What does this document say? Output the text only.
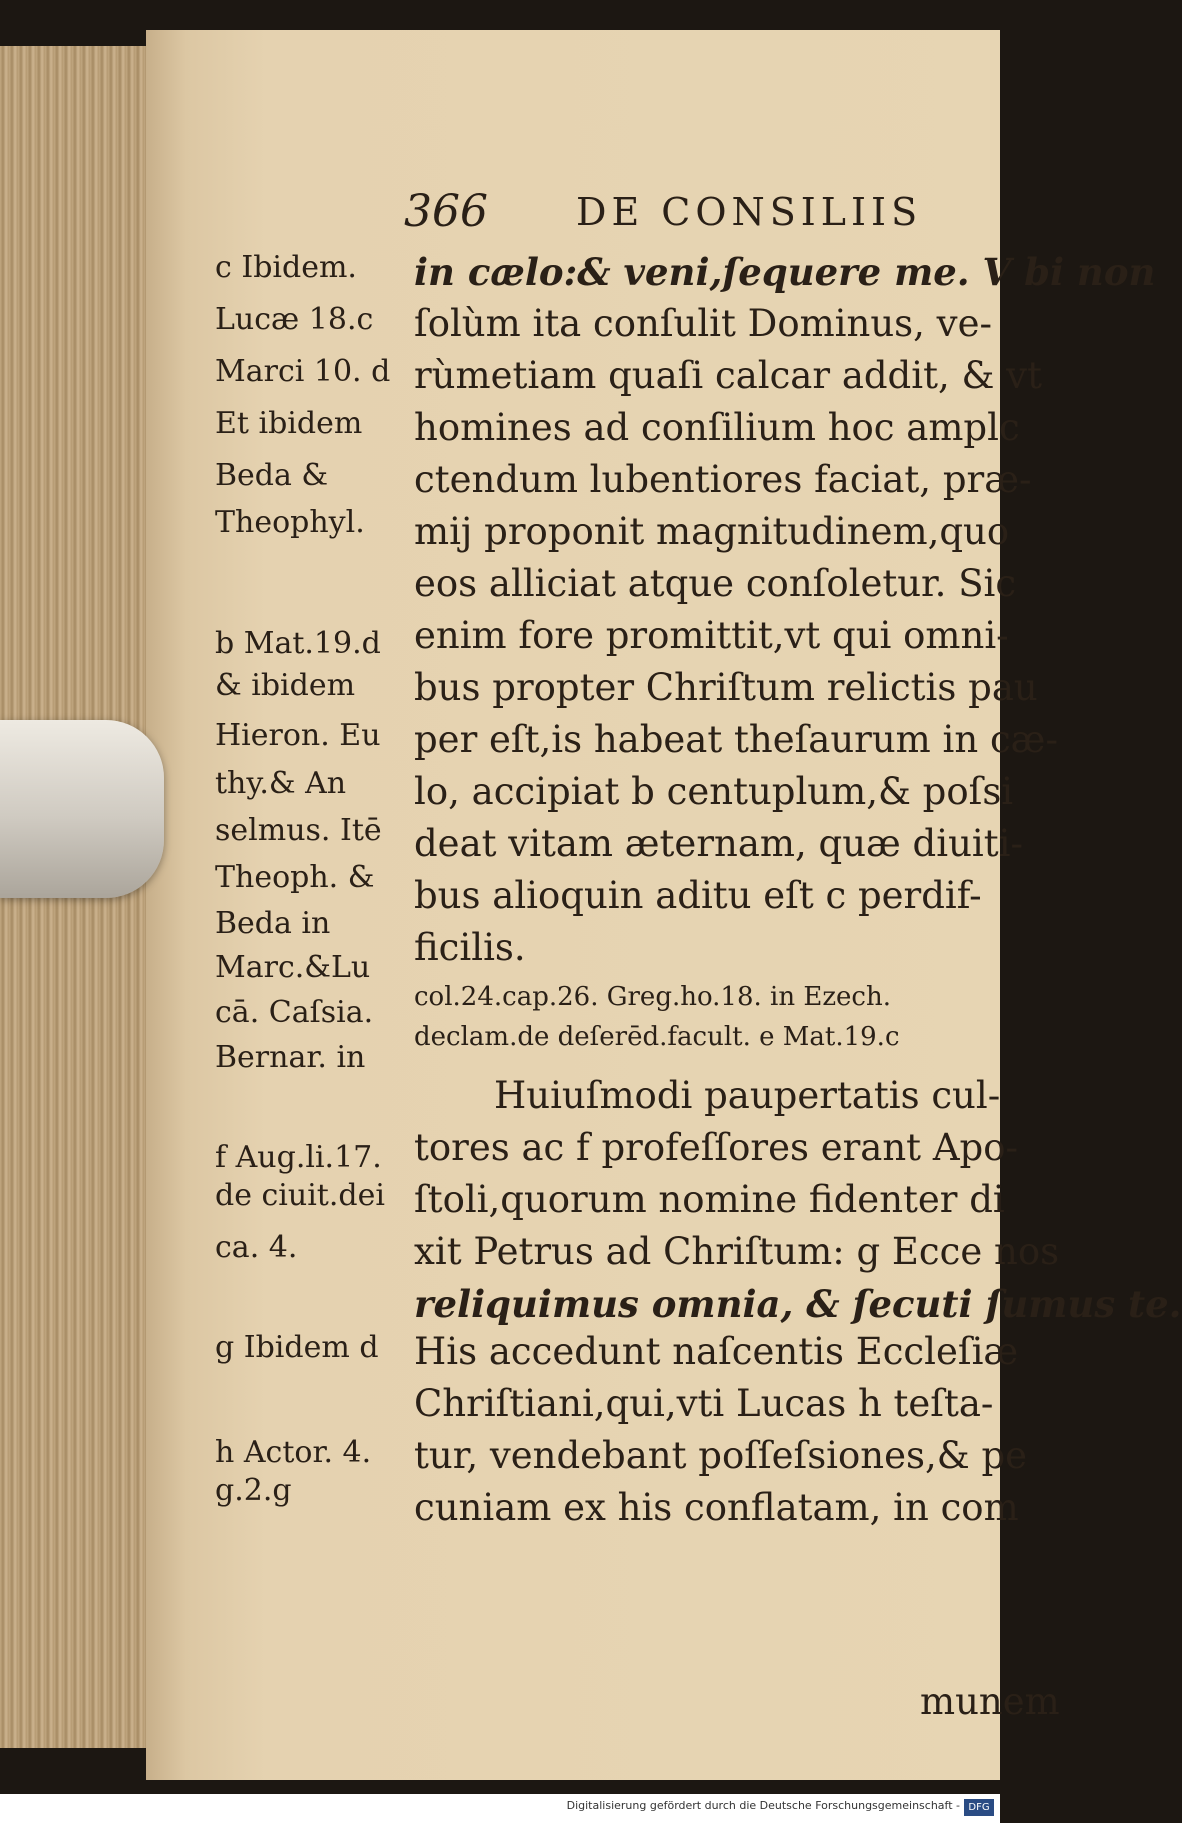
366 DE CONSILIIS
c Ibidem.
Lucæ 18.c
Marci 10. d
Et ibidem
Beda &
Theophyl.
b Mat.19.d
& ibidem
Hieron. Eu
thy.& An
selmus. Itē
Theoph. &
Beda in
Marc.&Lu
cā. Caſsia.
Bernar. in
f Aug.li.17.
de ciuit.dei
ca. 4.
g Ibidem d
h Actor. 4.
g.2.g
in cælo:& veni,ſequere me. V bi non
ſolùm ita conſulit Dominus, ve-
rùmetiam quaſi calcar addit, & vt
homines ad conſilium hoc amplc
ctendum lubentiores faciat, præ-
mij proponit magnitudinem,quo
eos alliciat atque conſoletur. Sic
enim fore promittit,vt qui omni-
bus propter Chriſtum relictis pau
per eſt,is habeat theſaurum in cæ-
lo, accipiat b centuplum,& poſsi
deat vitam æternam, quæ diuiti-
bus alioquin aditu eſt c perdif-
ficilis.
col.24.cap.26. Greg.ho.18. in Ezech.
declam.de deſerēd.facult. e Mat.19.c
Huiuſmodi paupertatis cul-
tores ac f profeſſores erant Apo-
ſtoli,quorum nomine fidenter di
xit Petrus ad Chriſtum: g Ecce nos
reliquimus omnia, & ſecuti ſumus te.
His accedunt naſcentis Eccleſiæ
Chriſtiani,qui,vti Lucas h teſta-
tur, vendebant poſſeſsiones,& pe
cuniam ex his conflatam, in com
munem
Digitalisierung gefördert durch die Deutsche Forschungsgemeinschaft - DFG
